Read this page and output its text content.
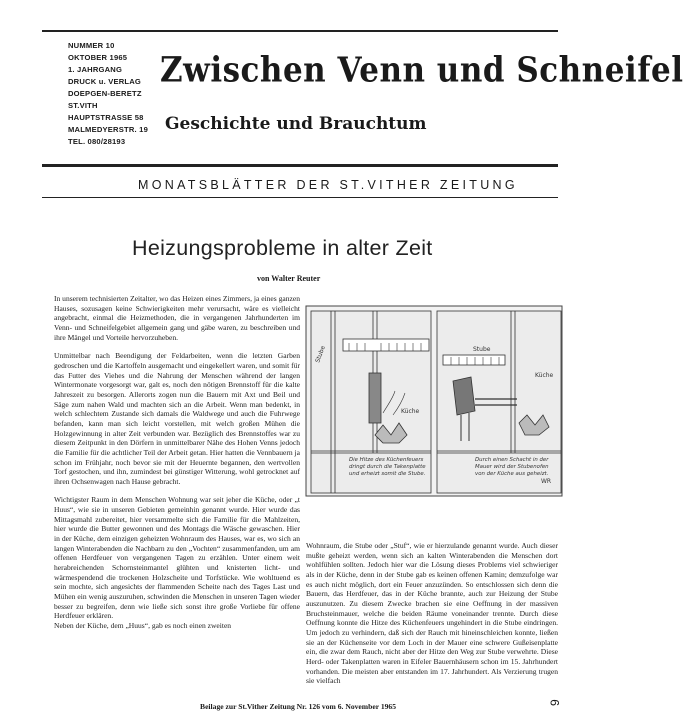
NUMMER 10
OKTOBER 1965
1. JAHRGANG
DRUCK u. VERLAG
DOEPGEN-BERETZ
ST.VITH
HAUPTSTRASSE 58
MALMEDYERSTR. 19
TEL. 080/28193
Zwischen Venn und Schneifel
Geschichte und Brauchtum
MONATSBLÄTTER DER ST.VITHER ZEITUNG
Heizungsprobleme in alter Zeit
von Walter Reuter

In unserem technisierten Zeitalter, wo das Heizen eines Zimmers, ja eines ganzen Hauses, sozusagen keine Schwierigkeiten mehr verursacht, wäre es vielleicht angebracht, einmal die Heizmethoden, die in vergangenen Jahrhunderten im Venn- und Schneifelgebiet allgemein gang und gäbe waren, zu beschreiben und ihre Mängel und Vorteile hervorzuheben.

Unmittelbar nach Beendigung der Feldarbeiten, wenn die letzten Garben gedroschen und die Kartoffeln ausgemacht und eingekellert waren, und somit für das Futter des Viehes und die Nahrung der Menschen während der langen Wintermonate vorgesorgt war, galt es, noch den nötigen Brennstoff für die kalte Jahreszeit zu besorgen. Allerorts zogen nun die Bauern mit Axt und Beil und Säge zum nahen Wald und machten sich an die Arbeit. Wenn man bedenkt, in welch schlechtem Zustande sich damals die Waldwege und auch die Fuhrwege befanden, kann man sich leicht vorstellen, mit welch großen Mühen die Holzgewinnung in alter Zeit verbunden war. Bezüglich des Brennstoffes war zu diesem Zeitpunkt in den Dörfern in unmittelbarer Nähe des Hohen Venns jedoch die Familie für die achtlicher Teil der Arbeit getan. Hier hatten die Vennbauern ja schon im Frühjahr, noch bevor sie mit der Heuernte begannen, den wertvollen Torf gestochen, und ihn, zumindest bei günstiger Witterung, wohl getrocknet auf ihren Ochsenwagen nach Hause gebracht.

Wichtigster Raum in dem Menschen Wohnung war seit jeher die Küche, oder „t Huus“, wie sie in unseren Gebieten gemeinhin genannt wurde. Hier wurde das Mittagsmahl zubereitet, hier versammelte sich die Familie für die Mahlzeiten, hier wurde die Butter gewonnen und des Montags die Wäsche gewaschen. Hier in der Küche, dem einzigen geheizten Wohnraum des Hauses, war es, wo sich an langen Winterabenden die Nachbarn zu den „Vochten“ zusammenfanden, um am offenen Herdfeuer von vergangenen Tagen zu erzählen. Unter einem weit herabreichenden Schornsteinmantel glühten und knisterten licht- und wärmespendend die trockenen Holzscheite und Torfstücke. Wie wohltuend es sein mochte, sich angesichts der flammenden Scheite nach des Tages Last und Mühen ein wenig auszuruhen, schwinden die Menschen in unseren Tagen wieder besser zu begreifen, denn wie ließe sich sonst ihre große Vorliebe für offene Herdfeuer erklären.

Neben der Küche, dem „Huus“, gab es noch einen zweiten

Stube
Küche
Die Hitze des Küchenfeuers
dringt durch die Takenplatte
und erheizt somit die Stube.
Stube
Küche
Durch einen Schacht in der
Mauer wird der Stubenofen
von der Küche aus geheizt.
WR

Wohnraum, die Stube oder „Stuf“, wie er hierzulande genannt wurde. Auch dieser mußte geheizt werden, wenn sich an kalten Winterabenden die Menschen dort wohlfühlen sollten. Jedoch hier war die Lösung dieses Problems viel schwieriger als in der Küche, denn in der Stube gab es keinen offenen Kamin; demzufolge war es auch nicht möglich, dort ein Feuer anzuzünden. So entschlossen sich denn die Bauern, das Herdfeuer, das in der Küche brannte, auch zur Heizung der Stube auszunutzen. Zu diesem Zwecke brachen sie eine Oeffnung in der massiven Bruchsteinmauer, welche die beiden Räume voneinander trennte. Durch diese Oeffnung konnte die Hitze des Küchenfeuers ungehindert in die Stube eindringen. Um jedoch zu verhindern, daß sich der Rauch mit hineinschleichen konnte, ließen sie an der Küchenseite vor dem Loch in der Mauer eine schwere Gußeisenplatte ein, die zwar dem Rauch, nicht aber der Hitze den Weg zur Stube verwehrte. Diese Herd- oder Takenplatten waren in Eifeler Bauernhäusern schon im 15. Jahrhundert vorhanden. Die meisten aber entstanden im 17. Jahrhundert. Als Verzierung trugen sie vielfach

Beilage zur St.Vither Zeitung Nr. 126 vom 6. November 1965	9
